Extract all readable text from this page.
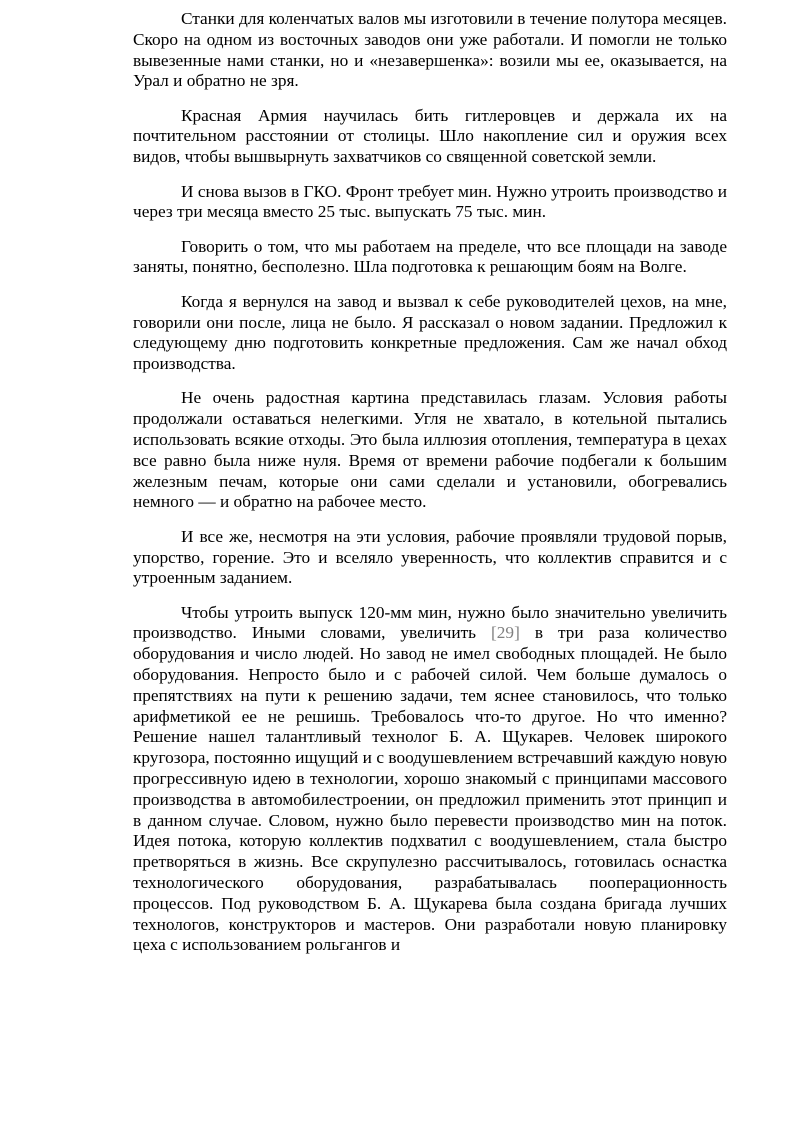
Станки для коленчатых валов мы изготовили в течение полутора месяцев. Скоро на одном из восточных заводов они уже работали. И помогли не только вывезенные нами станки, но и «незавершенка»: возили мы ее, оказывается, на Урал и обратно не зря.

Красная Армия научилась бить гитлеровцев и держала их на почтительном расстоянии от столицы. Шло накопление сил и оружия всех видов, чтобы вышвырнуть захватчиков со священной советской земли.

И снова вызов в ГКО. Фронт требует мин. Нужно утроить производство и через три месяца вместо 25 тыс. выпускать 75 тыс. мин.

Говорить о том, что мы работаем на пределе, что все площади на заводе заняты, понятно, бесполезно. Шла подготовка к решающим боям на Волге.

Когда я вернулся на завод и вызвал к себе руководителей цехов, на мне, говорили они после, лица не было. Я рассказал о новом задании. Предложил к следующему дню подготовить конкретные предложения. Сам же начал обход производства.

Не очень радостная картина представилась глазам. Условия работы продолжали оставаться нелегкими. Угля не хватало, в котельной пытались использовать всякие отходы. Это была иллюзия отопления, температура в цехах все равно была ниже нуля. Время от времени рабочие подбегали к большим железным печам, которые они сами сделали и установили, обогревались немного — и обратно на рабочее место.

И все же, несмотря на эти условия, рабочие проявляли трудовой порыв, упорство, горение. Это и вселяло уверенность, что коллектив справится и с утроенным заданием.

Чтобы утроить выпуск 120-мм мин, нужно было значительно увеличить производство. Иными словами, увеличить [29] в три раза количество оборудования и число людей. Но завод не имел свободных площадей. Не было оборудования. Непросто было и с рабочей силой. Чем больше думалось о препятствиях на пути к решению задачи, тем яснее становилось, что только арифметикой ее не решишь. Требовалось что-то другое. Но что именно? Решение нашел талантливый технолог Б. А. Щукарев. Человек широкого кругозора, постоянно ищущий и с воодушевлением встречавший каждую новую прогрессивную идею в технологии, хорошо знакомый с принципами массового производства в автомобилестроении, он предложил применить этот принцип и в данном случае. Словом, нужно было перевести производство мин на поток. Идея потока, которую коллектив подхватил с воодушевлением, стала быстро претворяться в жизнь. Все скрупулезно рассчитывалось, готовилась оснастка технологического оборудования, разрабатывалась пооперационность процессов. Под руководством Б. А. Щукарева была создана бригада лучших технологов, конструкторов и мастеров. Они разработали новую планировку цеха с использованием рольгангов и
